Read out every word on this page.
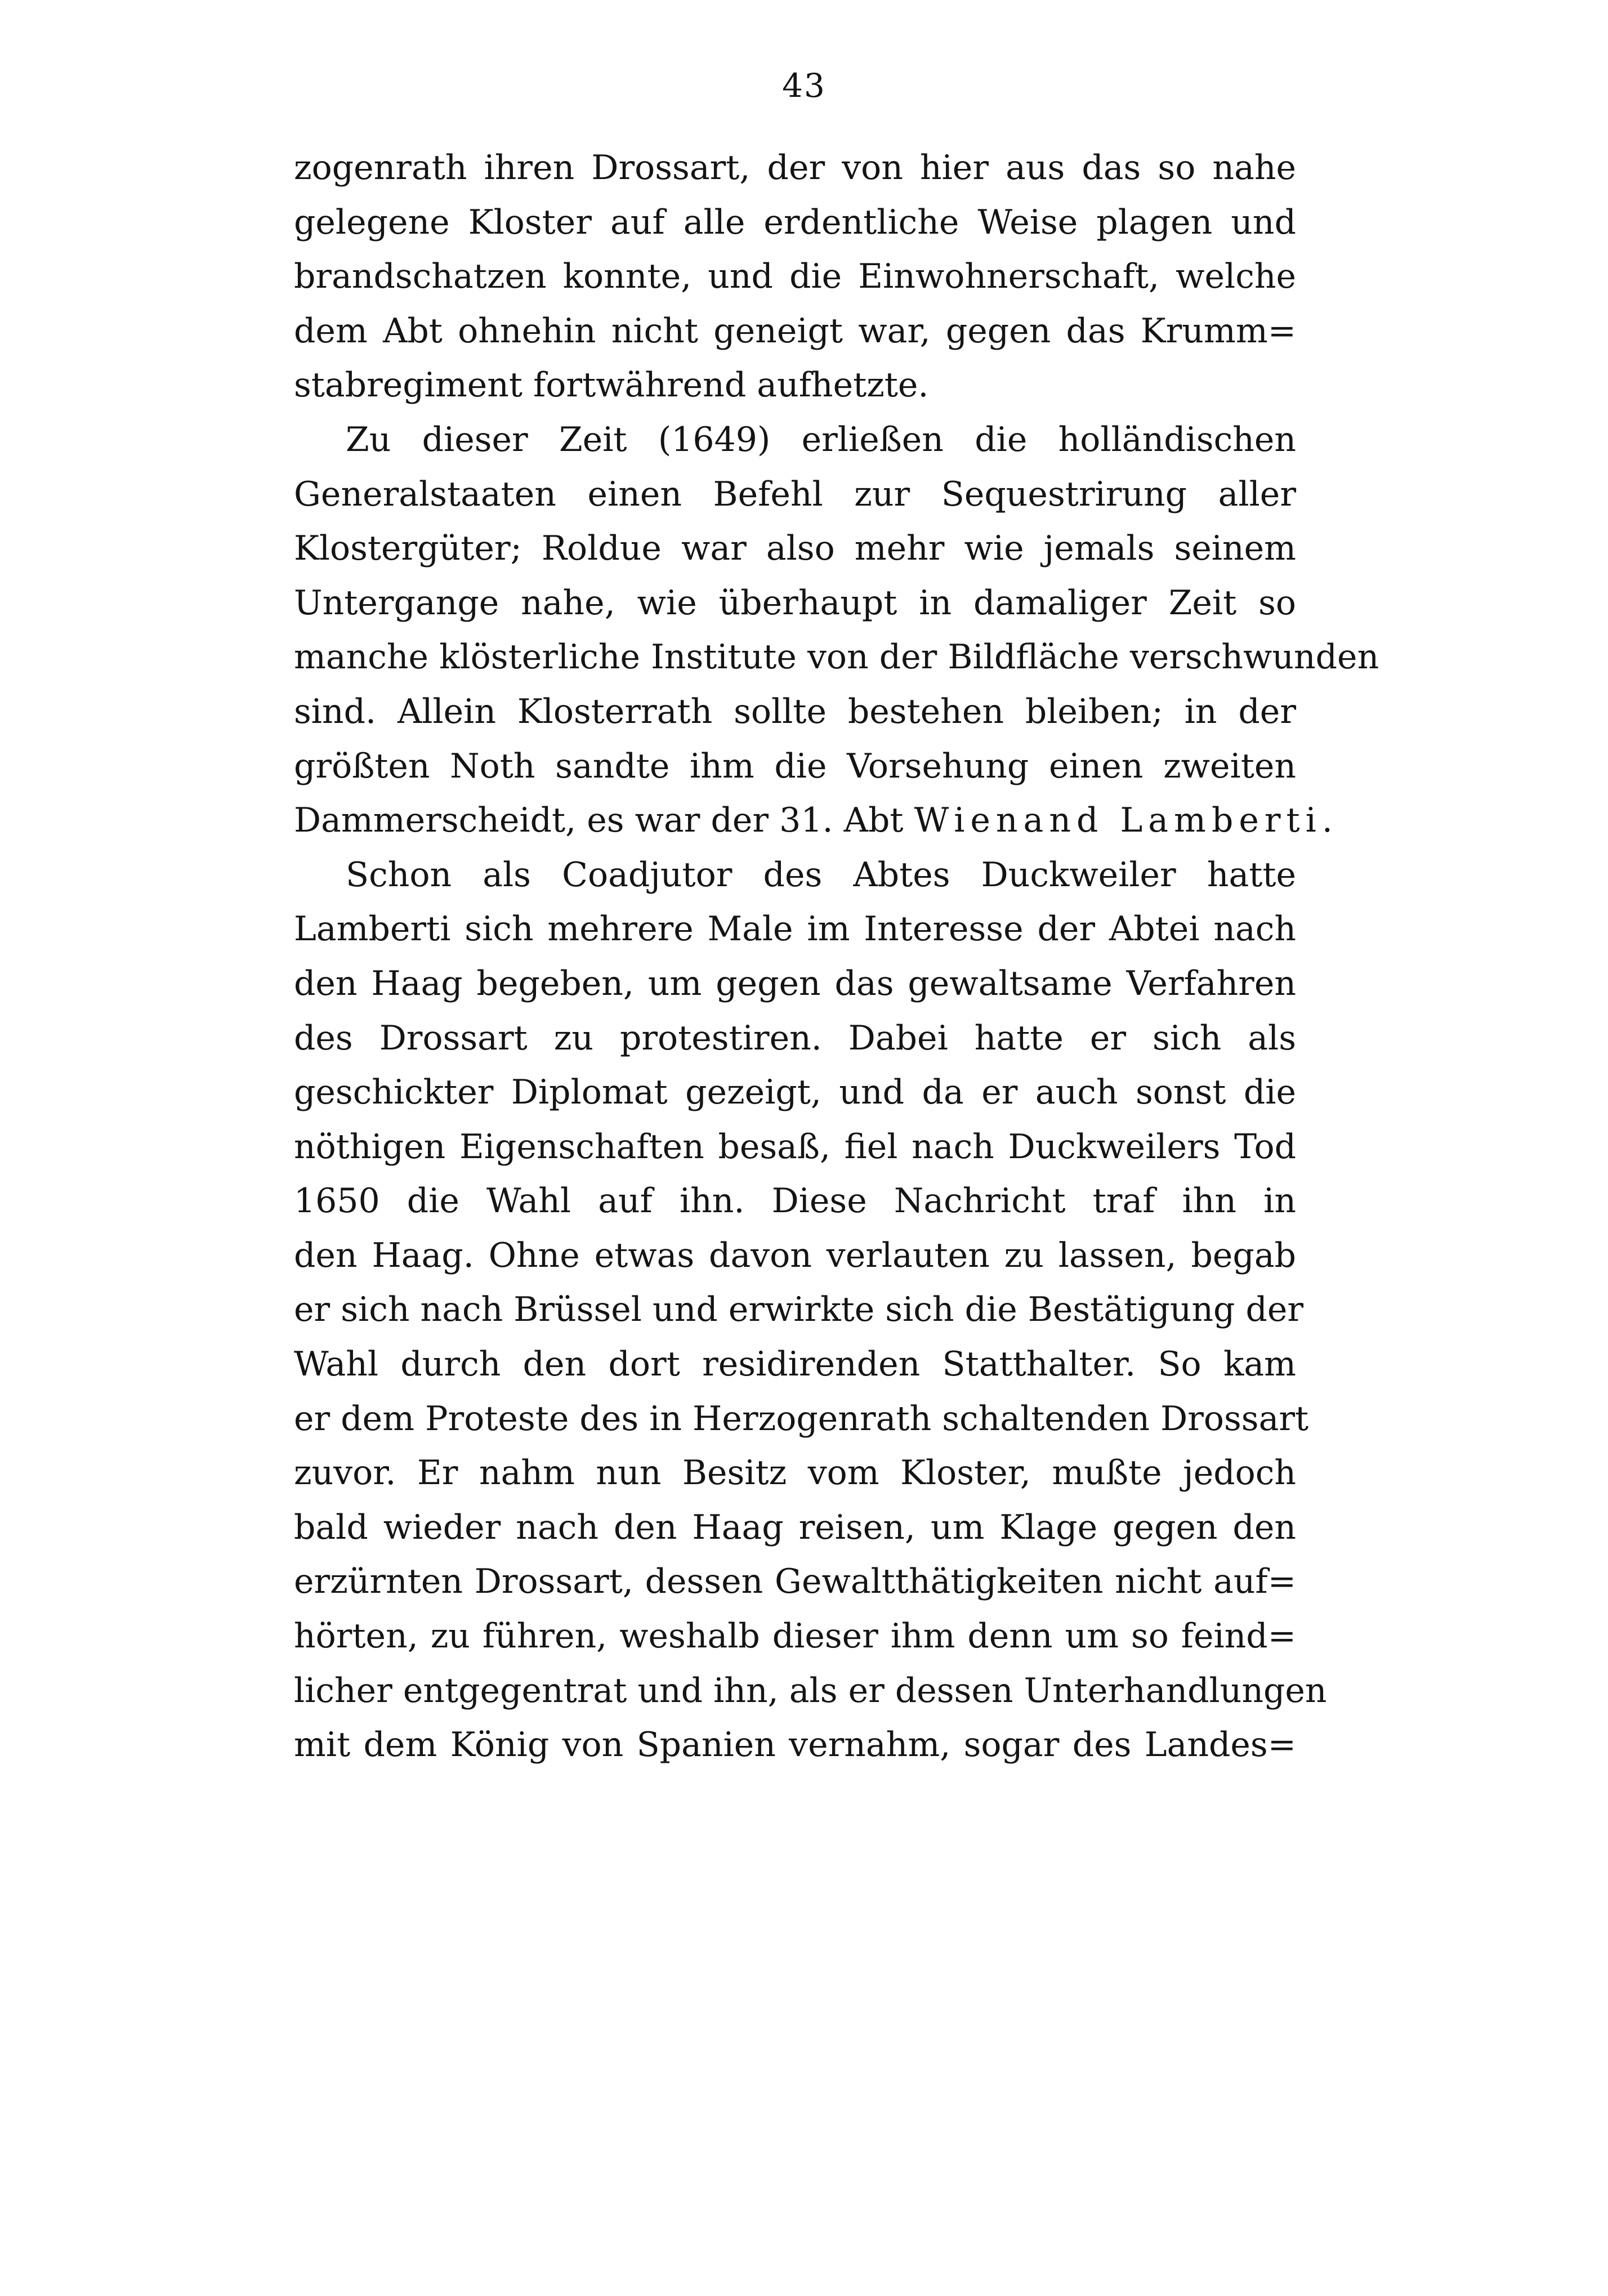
43
zogenrath ihren Drossart, der von hier aus das so nahe
gelegene Kloster auf alle erdentliche Weise plagen und
brandschatzen konnte, und die Einwohnerschaft, welche
dem Abt ohnehin nicht geneigt war, gegen das Krumm=
stabregiment fortwährend aufhetzte.
Zu dieser Zeit (1649) erließen die holländischen
Generalstaaten einen Befehl zur Sequestrirung aller
Klostergüter; Roldue war also mehr wie jemals seinem
Untergange nahe, wie überhaupt in damaliger Zeit so
manche klösterliche Institute von der Bildfläche verschwunden
sind. Allein Klosterrath sollte bestehen bleiben; in der
größten Noth sandte ihm die Vorsehung einen zweiten
Dammerscheidt, es war der 31. Abt Wienand Lamberti.
Schon als Coadjutor des Abtes Duckweiler hatte
Lamberti sich mehrere Male im Interesse der Abtei nach
den Haag begeben, um gegen das gewaltsame Verfahren
des Drossart zu protestiren. Dabei hatte er sich als
geschickter Diplomat gezeigt, und da er auch sonst die
nöthigen Eigenschaften besaß, fiel nach Duckweilers Tod
1650 die Wahl auf ihn. Diese Nachricht traf ihn in
den Haag. Ohne etwas davon verlauten zu lassen, begab
er sich nach Brüssel und erwirkte sich die Bestätigung der
Wahl durch den dort residirenden Statthalter. So kam
er dem Proteste des in Herzogenrath schaltenden Drossart
zuvor. Er nahm nun Besitz vom Kloster, mußte jedoch
bald wieder nach den Haag reisen, um Klage gegen den
erzürnten Drossart, dessen Gewaltthätigkeiten nicht auf=
hörten, zu führen, weshalb dieser ihm denn um so feind=
licher entgegentrat und ihn, als er dessen Unterhandlungen
mit dem König von Spanien vernahm, sogar des Landes=
